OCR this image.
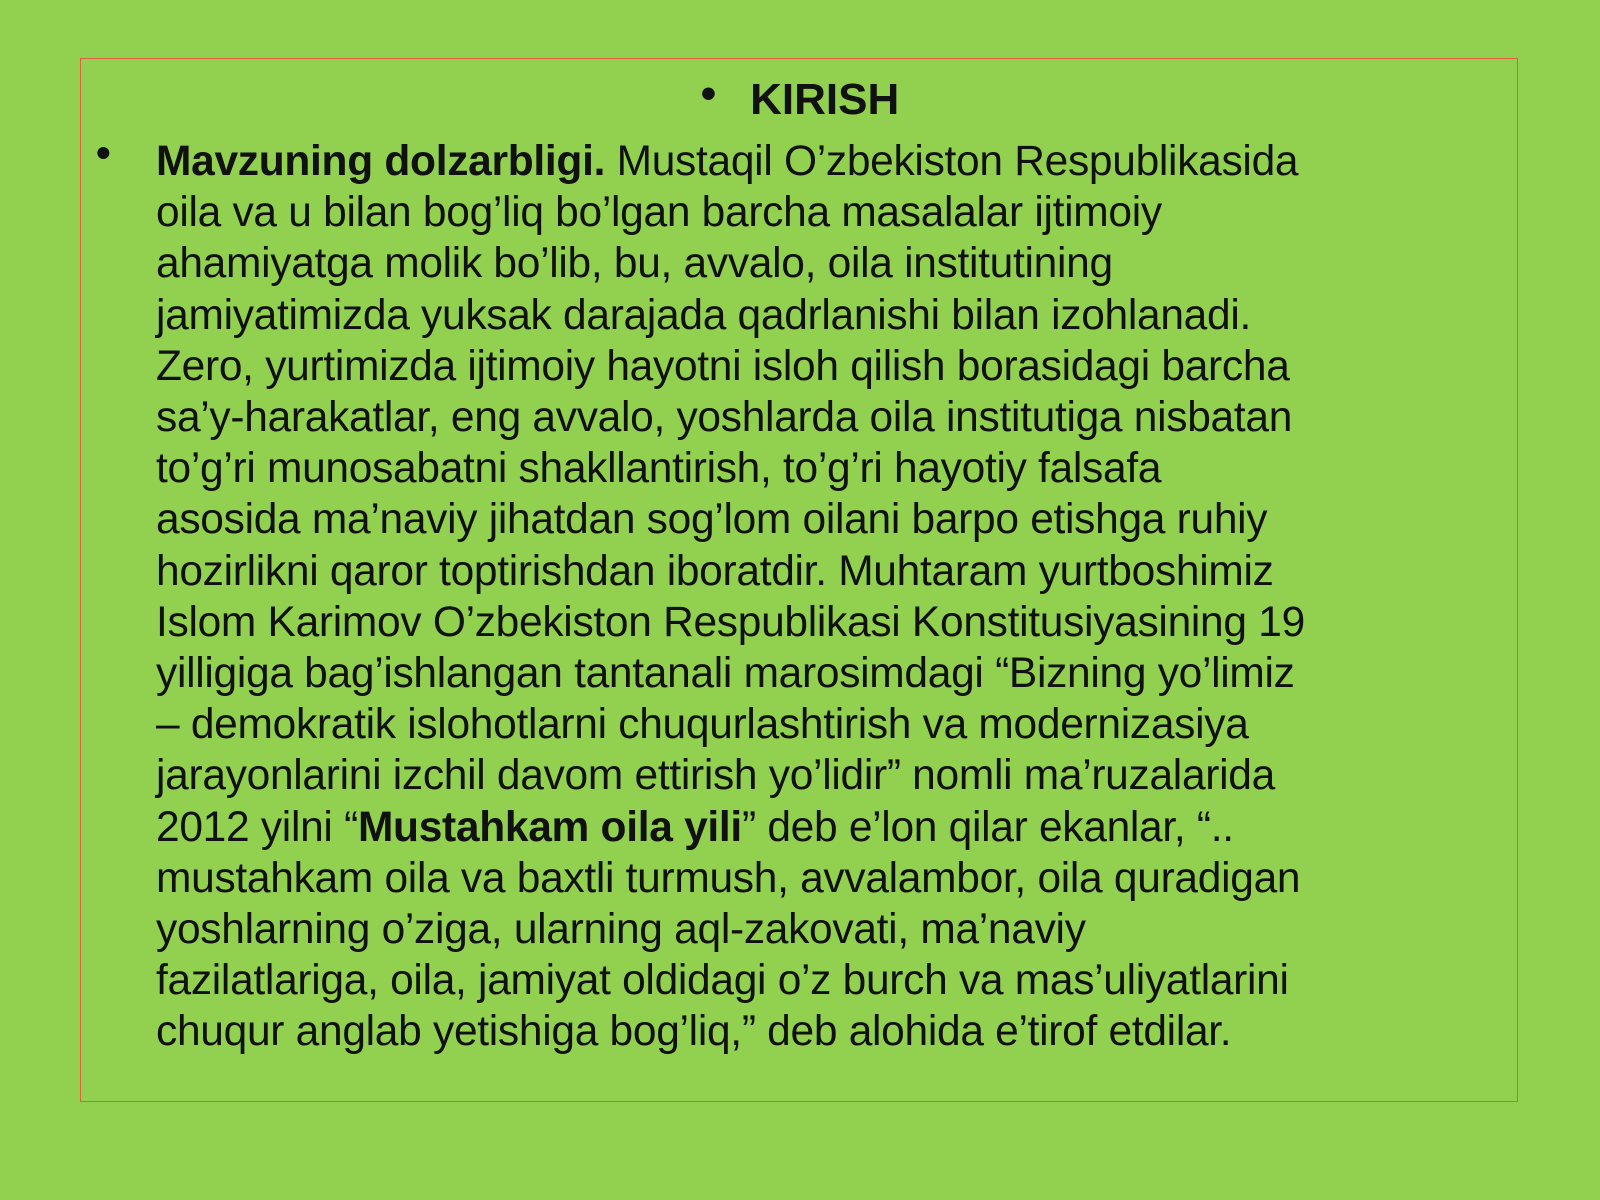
• KIRISH
• Mavzuning dolzarbligi. Mustaqil O’zbekiston Respublikasida
oila va u bilan bog’liq bo’lgan barcha masalalar ijtimoiy
ahamiyatga molik bo’lib, bu, avvalo, oila institutining
jamiyatimizda yuksak darajada qadrlanishi bilan izohlanadi.
Zero, yurtimizda ijtimoiy hayotni isloh qilish borasidagi barcha
sa’y-harakatlar, eng avvalo, yoshlarda oila institutiga nisbatan
to’g’ri munosabatni shakllantirish, to’g’ri hayotiy falsafa
asosida ma’naviy jihatdan sog’lom oilani barpo etishga ruhiy
hozirlikni qaror toptirishdan iboratdir. Muhtaram yurtboshimiz
Islom Karimov O’zbekiston Respublikasi Konstitusiyasining 19
yilligiga bag’ishlangan tantanali marosimdagi “Bizning yo’limiz
– demokratik islohotlarni chuqurlashtirish va modernizasiya
jarayonlarini izchil davom ettirish yo’lidir” nomli ma’ruzalarida
2012 yilni “Mustahkam oila yili” deb e’lon qilar ekanlar, “..
mustahkam oila va baxtli turmush, avvalambor, oila quradigan
yoshlarning o’ziga, ularning aql-zakovati, ma’naviy
fazilatlariga, oila, jamiyat oldidagi o’z burch va mas’uliyatlarini
chuqur anglab yetishiga bog’liq,” deb alohida e’tirof etdilar.
